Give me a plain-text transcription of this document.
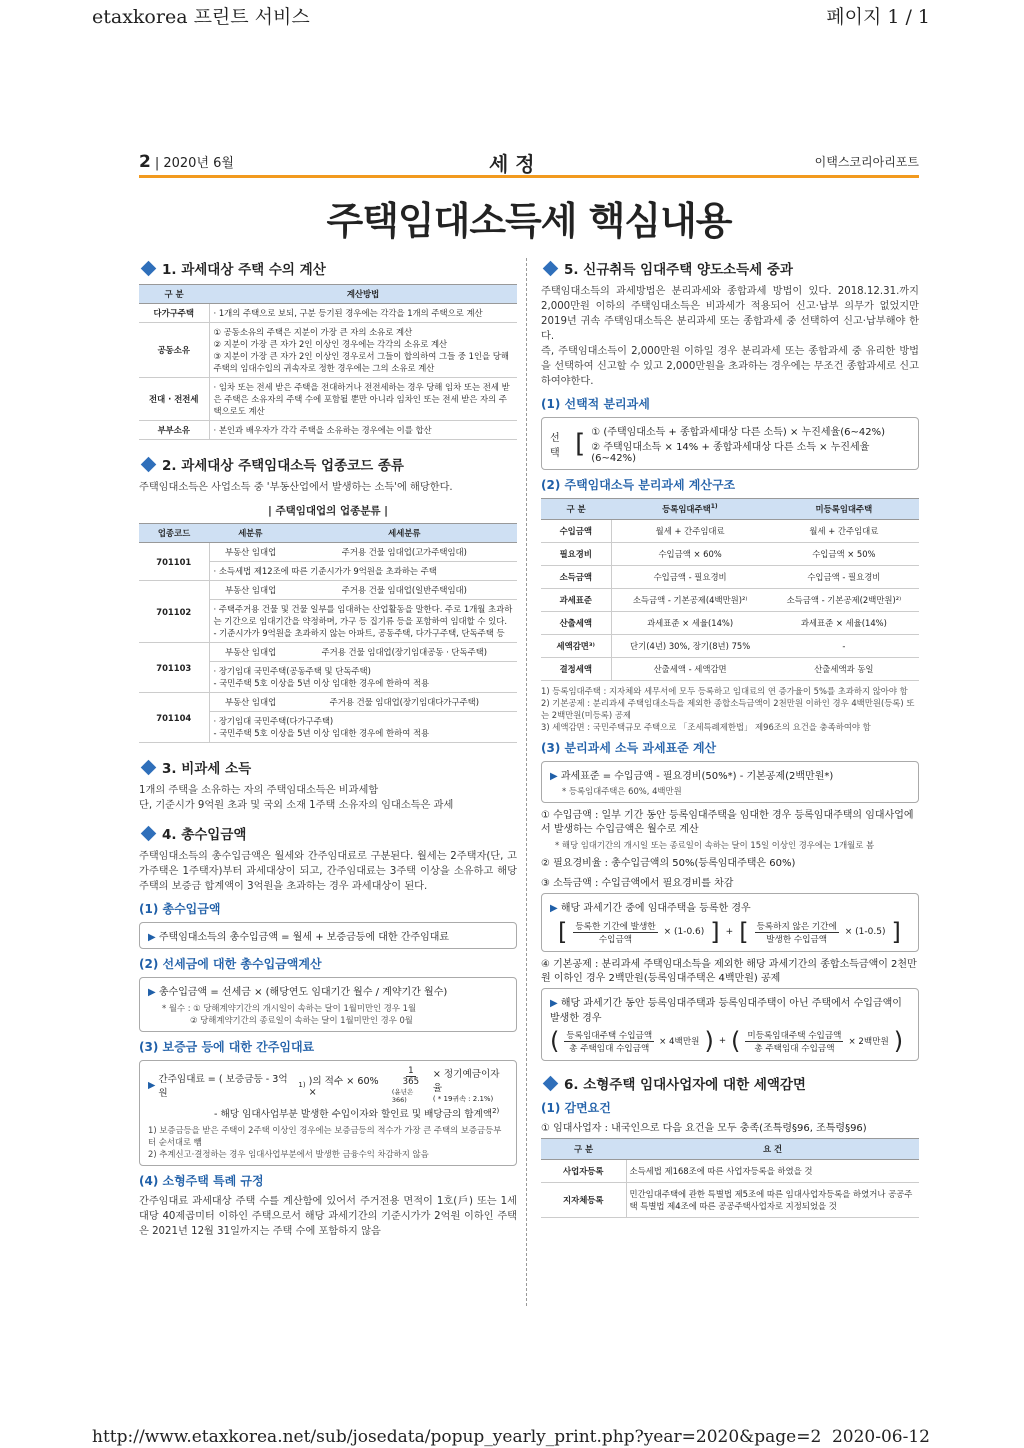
etaxkorea 프린트 서비스	페이지 1 / 1
2 | 2020년 6월	세 정	이택스코리아리포트
주택임대소득세 핵심내용
1. 과세대상 주택 수의 계산
구 분	계산방법
다가구주택	· 1개의 주택으로 보되, 구분 등기된 경우에는 각각을 1개의 주택으로 계산
공동소유	① 공동소유의 주택은 지분이 가장 큰 자의 소유로 계산
② 지분이 가장 큰 자가 2인 이상인 경우에는 각각의 소유로 계산
③ 지분이 가장 큰 자가 2인 이상인 경우로서 그들이 합의하여 그들 중 1인을 당해 주택의 임대수입의 귀속자로 정한 경우에는 그의 소유로 계산

전대 · 전전세	· 임차 또는 전세 받은 주택을 전대하거나 전전세하는 경우 당해 임차 또는 전세 받은 주택은 소유자의 주택 수에 포함될 뿐만 아니라 임차인 또는 전세 받은 자의 주택으로도 계산
부부소유	· 본인과 배우자가 각각 주택을 소유하는 경우에는 이를 합산
2. 과세대상 주택임대소득 업종코드 종류

주택임대소득은 사업소득 중 '부동산업에서 발생하는 소득'에 해당한다.

| 주택임대업의 업종분류 |
업종코드	세분류	세세분류
701101	부동산 임대업	주거용 건물 임대업(고가주택임대)
	· 소득세법 제12조에 따른 기준시가가 9억원을 초과하는 주택	
701102	부동산 임대업	주거용 건물 임대업(일반주택임대)

	· 주택주거용 건물 및 건물 일부를 임대하는 산업활동을 말한다. 주로 1개월 초과하는 기간으로 임대기간을 약정하며, 가구 등 집기류 등을 포함하여 임대할 수 있다.
- 기준시가가 9억원을 초과하지 않는 아파트, 공동주택, 다가구주택, 단독주택 등	

701103	부동산 임대업	주거용 건물 임대업(장기임대공동 · 단독주택)

	· 장기임대 국민주택(공동주택 및 단독주택)
- 국민주택 5호 이상을 5년 이상 임대한 경우에 한하여 적용	

701104	부동산 임대업	주거용 건물 임대업(장기임대다가구주택)

	· 장기임대 국민주택(다가구주택)
- 국민주택 5호 이상을 5년 이상 임대한 경우에 한하여 적용	
3. 비과세 소득

1개의 주택을 소유하는 자의 주택임대소득은 비과세함

단, 기준시가 9억원 초과 및 국외 소재 1주택 소유자의 임대소득은 과세

4. 총수입금액

주택임대소득의 총수입금액은 월세와 간주임대료로 구분된다. 월세는 2주택자(단, 고가주택은 1주택자)부터 과세대상이 되고, 간주임대료는 3주택 이상을 소유하고 해당 주택의 보증금 합계액이 3억원을 초과하는 경우 과세대상이 된다.

(1) 총수입금액
▶ 주택임대소득의 총수입금액 = 월세 + 보증금등에 대한 간주임대료
(2) 선세금에 대한 총수입금액계산
▶ 총수입금액 = 선세금 × (해당연도 임대기간 월수 / 계약기간 월수)
* 월수 : ① 당해계약기간의 개시일이 속하는 달이 1월미만인 경우 1월
② 당해계약기간의 종료일이 속하는 달이 1월미만인 경우 0월
(3) 보증금 등에 대한 간주임대료
▶ 간주임대료 = ( 보증금등 - 3억원
1) )의 적수 × 60% ×
1
365
(윤년은 366)
× 정기예금이자율
( * 19귀속 : 2.1%)
- 해당 임대사업부분 발생한 수입이자와 할인료 및 배당금의 합계액$^{2)}$
1) 보증금등을 받은 주택이 2주택 이상인 경우에는 보증금등의 적수가 가장 큰 주택의 보증금등부터 순서대로 뺌
2) 추계신고·결정하는 경우 임대사업부분에서 발생한 금융수익 차감하지 않음
(4) 소형주택 특례 규정

간주임대료 과세대상 주택 수를 계산함에 있어서 주거전용 면적이 1호(戶) 또는 1세대당 40제곱미터 이하인 주택으로서 해당 과세기간의 기준시가가 2억원 이하인 주택은 2021년 12월 31일까지는 주택 수에 포함하지 않음

5. 신규취득 임대주택 양도소득세 중과

주택임대소득의 과세방법은 분리과세와 종합과세 방법이 있다. 2018.12.31.까지 2,000만원 이하의 주택임대소득은 비과세가 적용되어 신고·납부 의무가 없었지만 2019년 귀속 주택임대소득은 분리과세 또는 종합과세 중 선택하여 신고·납부해야 한다.

즉, 주택임대소득이 2,000만원 이하일 경우 분리과세 또는 종합과세 중 유리한 방법을 선택하여 신고할 수 있고 2,000만원을 초과하는 경우에는 무조건 종합과세로 신고하여야한다.

(1) 선택적 분리과세
선택 [ ① (주택임대소득 + 종합과세대상 다른 소득) × 누진세율(6~42%)
② 주택임대소득 × 14% + 종합과세대상 다른 소득 × 누진세율(6~42%)
(2) 주택임대소득 분리과세 계산구조
구 분	등록임대주택$^{1)}$	미등록임대주택
수입금액	월세 + 간주임대료	월세 + 간주임대료
필요경비	수입금액 × 60%	수입금액 × 50%
소득금액	수입금액 - 필요경비	수입금액 - 필요경비
과세표준	소득금액 - 기본공제(4백만원)²⁾	소득금액 - 기본공제(2백만원)²⁾
산출세액	과세표준 × 세율(14%)	과세표준 × 세율(14%)
세액감면³⁾	단기(4년) 30%, 장기(8년) 75%	-
결정세액	산출세액 - 세액감면	산출세액과 동일
1) 등록임대주택 : 지자체와 세무서에 모두 등록하고 임대료의 연 증가율이 5%를 초과하지 않아야 함
2) 기본공제 : 분리과세 주택임대소득을 제외한 종합소득금액이 2천만원 이하인 경우 4백만원(등록) 또는 2백만원(미등록) 공제
3) 세액감면 : 국민주택규모 주택으로 「조세특례제한법」 제96조의 요건을 충족하여야 함
(3) 분리과세 소득 과세표준 계산
▶ 과세표준 = 수입금액 - 필요경비(50%*) - 기본공제(2백만원*)
* 등록임대주택은 60%, 4백만원
① 수입금액 : 일부 기간 동안 등록임대주택을 임대한 경우 등록임대주택의 임대사업에서 발생하는 수입금액은 월수로 계산
* 해당 임대기간의 개시일 또는 종료일이 속하는 달이 15일 이상인 경우에는 1개월로 봄
② 필요경비율 : 총수입금액의 50%(등록임대주택은 60%)
③ 소득금액 : 수입금액에서 필요경비를 차감
▶ 해당 과세기간 중에 임대주택을 등록한 경우
[ $\frac{\text{등록한 기간에 발생한}}{\text{수입금액}} \times (1-0.6)$ ] + [ $\frac{\text{등록하지 않은 기간에}}{\text{발생한 수입금액}} \times (1-0.5)$ ]
④ 기본공제 : 분리과세 주택임대소득을 제외한 해당 과세기간의 종합소득금액이 2천만원 이하인 경우 2백만원(등록임대주택은 4백만원) 공제
▶ 해당 과세기간 동안 등록임대주택과 등록임대주택이 아닌 주택에서 수입금액이 발생한 경우
( $\frac{\text{등록임대주택 수입금액}}{\text{총 주택임대 수입금액}} \times 4$백만원 ) + ( $\frac{\text{미등록임대주택 수입금액}}{\text{총 주택임대 수입금액}} \times 2$백만원 )
6. 소형주택 임대사업자에 대한 세액감면
(1) 감면요건
① 임대사업자 : 내국인으로 다음 요건을 모두 충족(조특령§96, 조특령§96)
구 분	요 건
사업자등록	소득세법 제168조에 따른 사업자등록을 하였을 것
지자체등록	민간임대주택에 관한 특별법 제5조에 따른 임대사업자등록을 하였거나 공공주택 특별법 제4조에 따른 공공주택사업자로 지정되었을 것
http://www.etaxkorea.net/sub/josedata/popup_yearly_print.php?year=2020&page=2 2020-06-12
